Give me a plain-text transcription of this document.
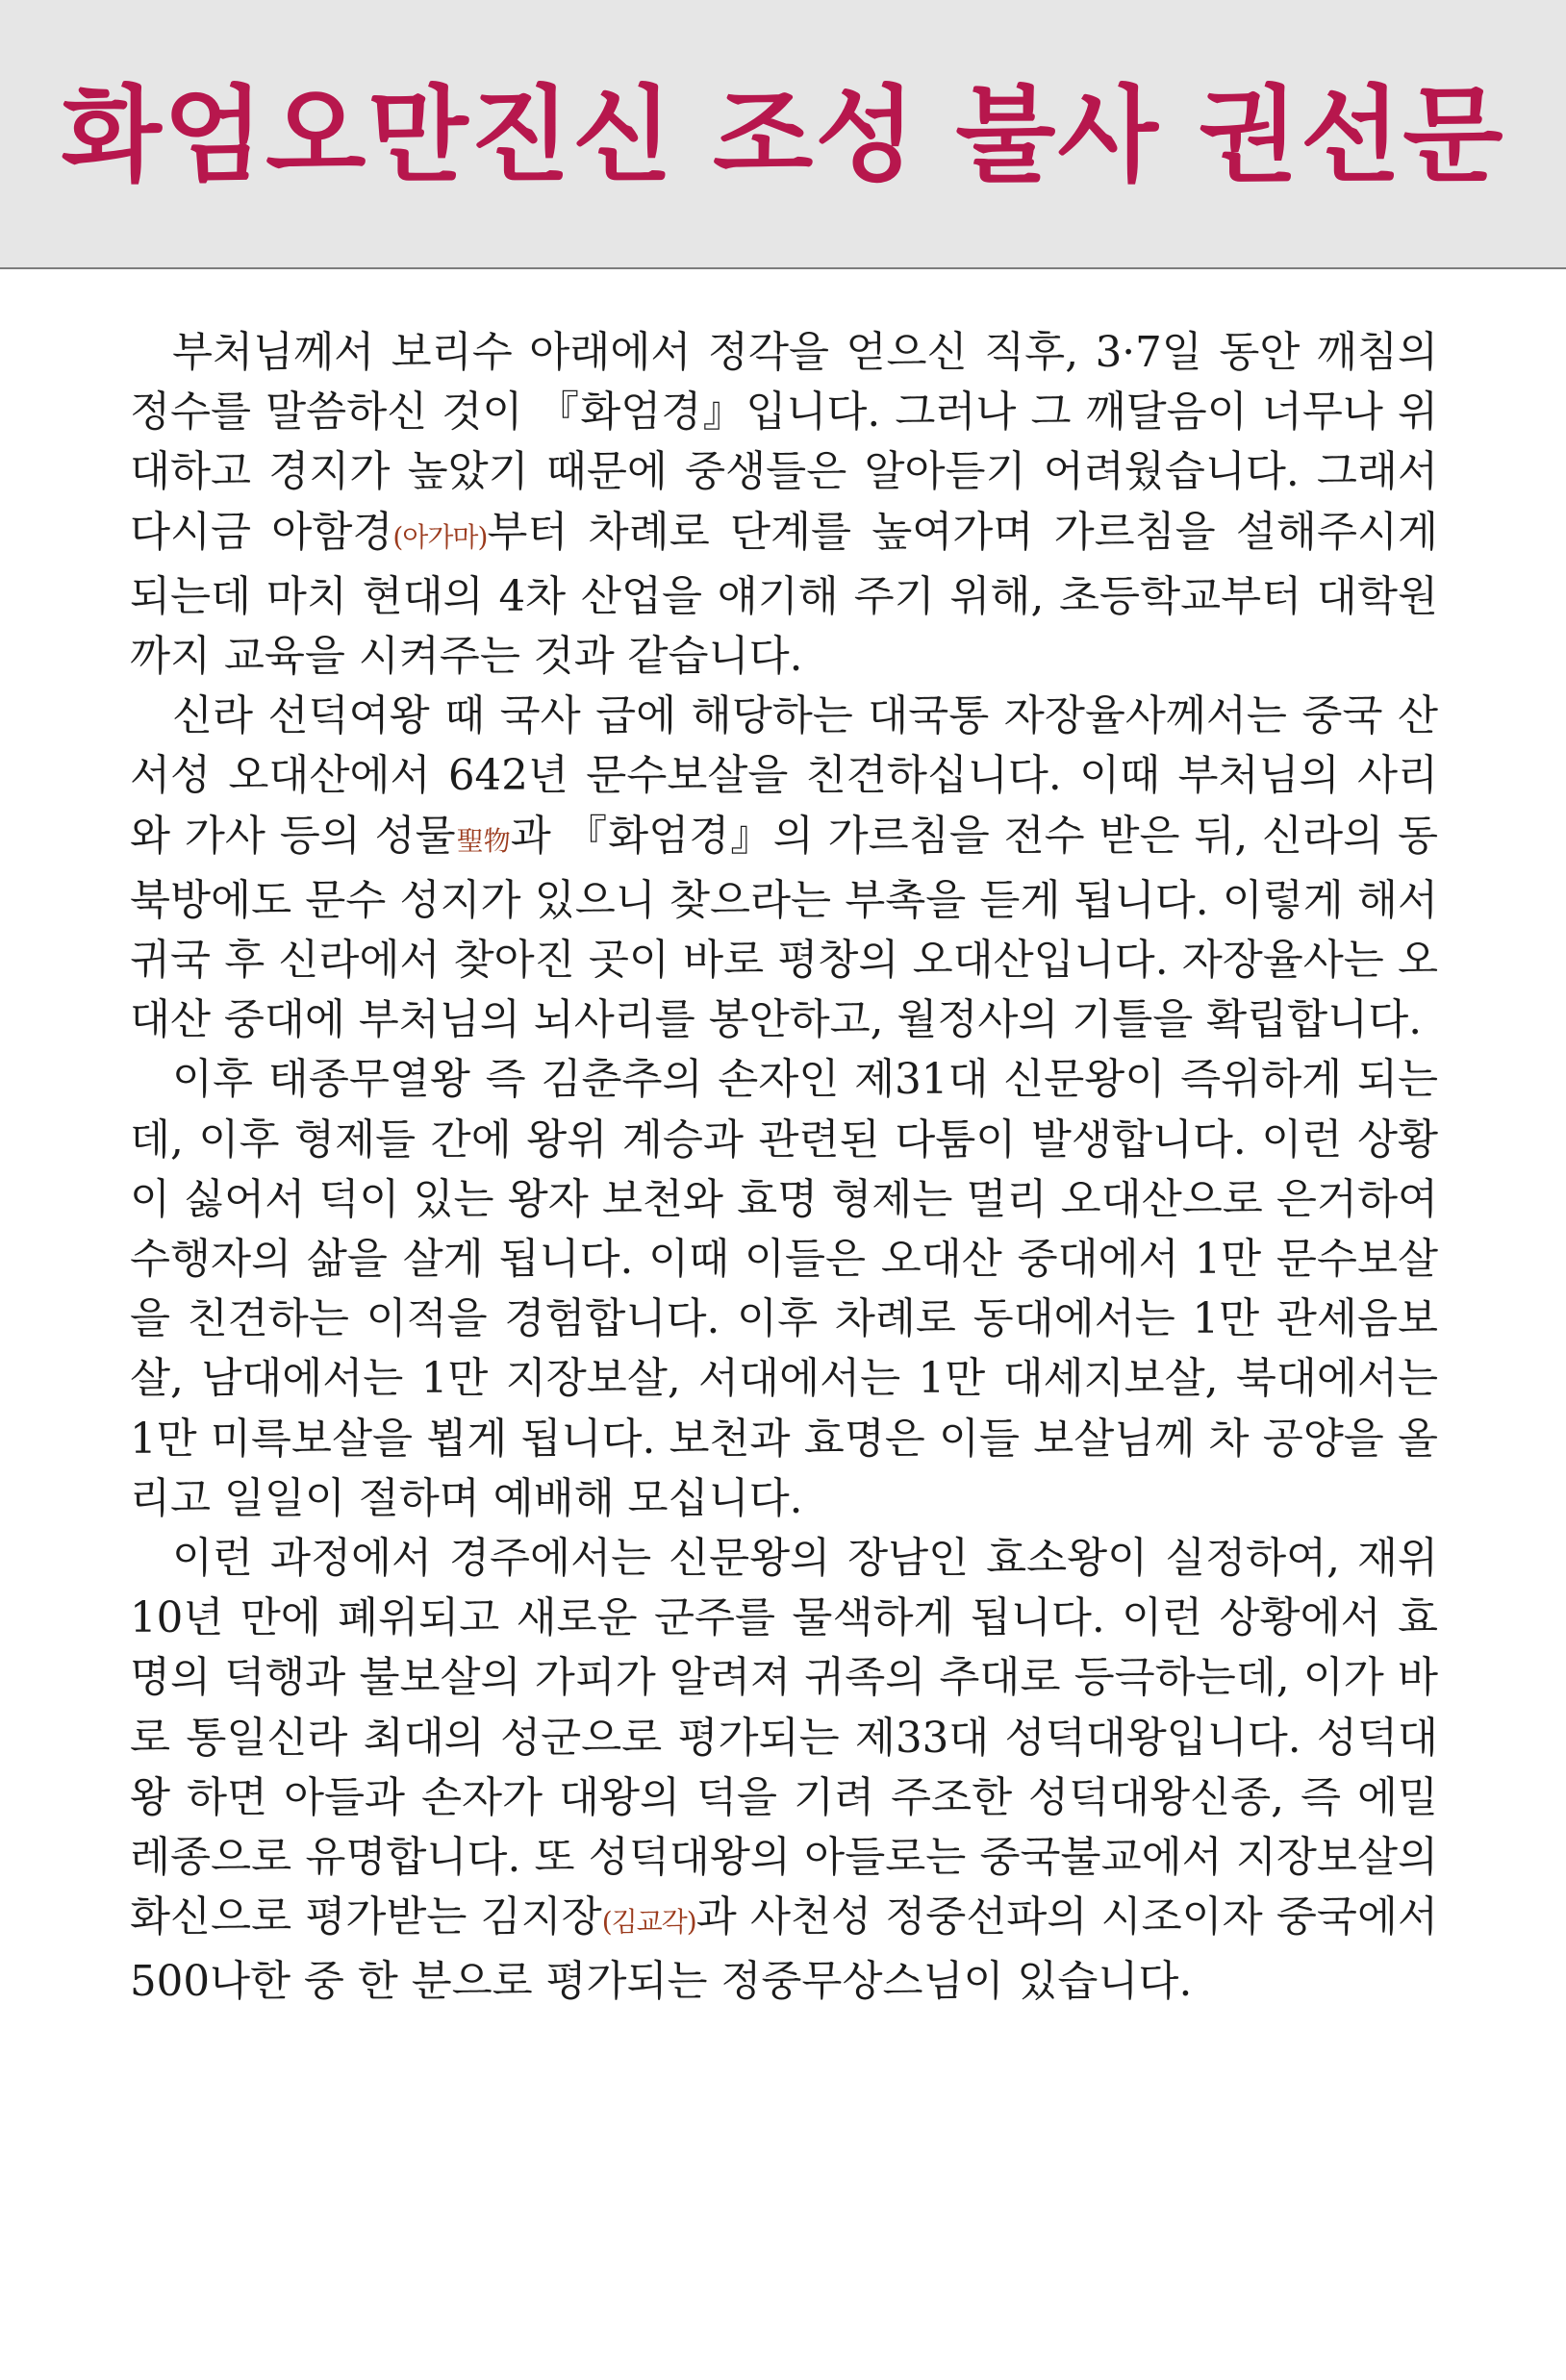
화엄오만진신 조성 불사 권선문

부처님께서 보리수 아래에서 정각을 얻으신 직후, 3·7일 동안 깨침의 정수를 말씀하신 것이 『화엄경』입니다. 그러나 그 깨달음이 너무나 위대하고 경지가 높았기 때문에 중생들은 알아듣기 어려웠습니다. 그래서 다시금 아함경(아가마)부터 차례로 단계를 높여가며 가르침을 설해주시게 되는데 마치 현대의 4차 산업을 얘기해 주기 위해, 초등학교부터 대학원까지 교육을 시켜주는 것과 같습니다.

신라 선덕여왕 때 국사 급에 해당하는 대국통 자장율사께서는 중국 산서성 오대산에서 642년 문수보살을 친견하십니다. 이때 부처님의 사리와 가사 등의 성물聖物과 『화엄경』의 가르침을 전수 받은 뒤, 신라의 동북방에도 문수 성지가 있으니 찾으라는 부촉을 듣게 됩니다. 이렇게 해서 귀국 후 신라에서 찾아진 곳이 바로 평창의 오대산입니다. 자장율사는 오대산 중대에 부처님의 뇌사리를 봉안하고, 월정사의 기틀을 확립합니다.

이후 태종무열왕 즉 김춘추의 손자인 제31대 신문왕이 즉위하게 되는데, 이후 형제들 간에 왕위 계승과 관련된 다툼이 발생합니다. 이런 상황이 싫어서 덕이 있는 왕자 보천와 효명 형제는 멀리 오대산으로 은거하여 수행자의 삶을 살게 됩니다. 이때 이들은 오대산 중대에서 1만 문수보살을 친견하는 이적을 경험합니다. 이후 차례로 동대에서는 1만 관세음보살, 남대에서는 1만 지장보살, 서대에서는 1만 대세지보살, 북대에서는 1만 미륵보살을 뵙게 됩니다. 보천과 효명은 이들 보살님께 차 공양을 올리고 일일이 절하며 예배해 모십니다.

이런 과정에서 경주에서는 신문왕의 장남인 효소왕이 실정하여, 재위 10년 만에 폐위되고 새로운 군주를 물색하게 됩니다. 이런 상황에서 효명의 덕행과 불보살의 가피가 알려져 귀족의 추대로 등극하는데, 이가 바로 통일신라 최대의 성군으로 평가되는 제33대 성덕대왕입니다. 성덕대왕 하면 아들과 손자가 대왕의 덕을 기려 주조한 성덕대왕신종, 즉 에밀레종으로 유명합니다. 또 성덕대왕의 아들로는 중국불교에서 지장보살의 화신으로 평가받는 김지장(김교각)과 사천성 정중선파의 시조이자 중국에서 500나한 중 한 분으로 평가되는 정중무상스님이 있습니다.
